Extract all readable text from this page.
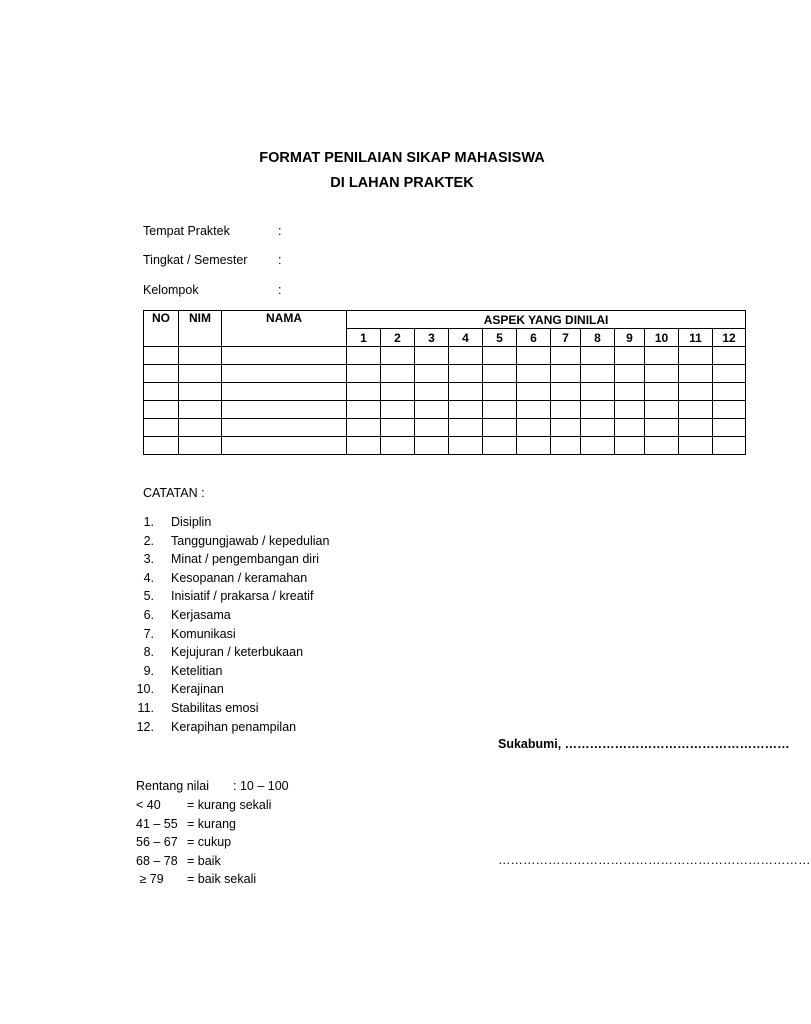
FORMAT PENILAIAN SIKAP MAHASISWA
DI LAHAN PRAKTEK
Tempat Praktek	:
Tingkat / Semester :
Kelompok	:
NO	NIM	NAMA	ASPEK YANG DINILAI											
			1	2	3	4	5	6	7	8	9	10	11	12

CATATAN :
1. Disiplin
2. Tanggungjawab / kepedulian
3. Minat / pengembangan diri
4. Kesopanan / keramahan
5. Inisiatif / prakarsa / kreatif
6. Kerjasama
7. Komunikasi
8. Kejujuran / keterbukaan
9. Ketelitian
10. Kerajinan
11. Stabilitas emosi
12. Kerapihan penampilan
Sukabumi, ………………………………………………
…………………………………………………………………
Rentang nilai : 10 – 100
< 40 = kurang sekali
41 – 55 = kurang
56 – 67 = cukup
68 – 78 = baik
≥ 79 = baik sekali
